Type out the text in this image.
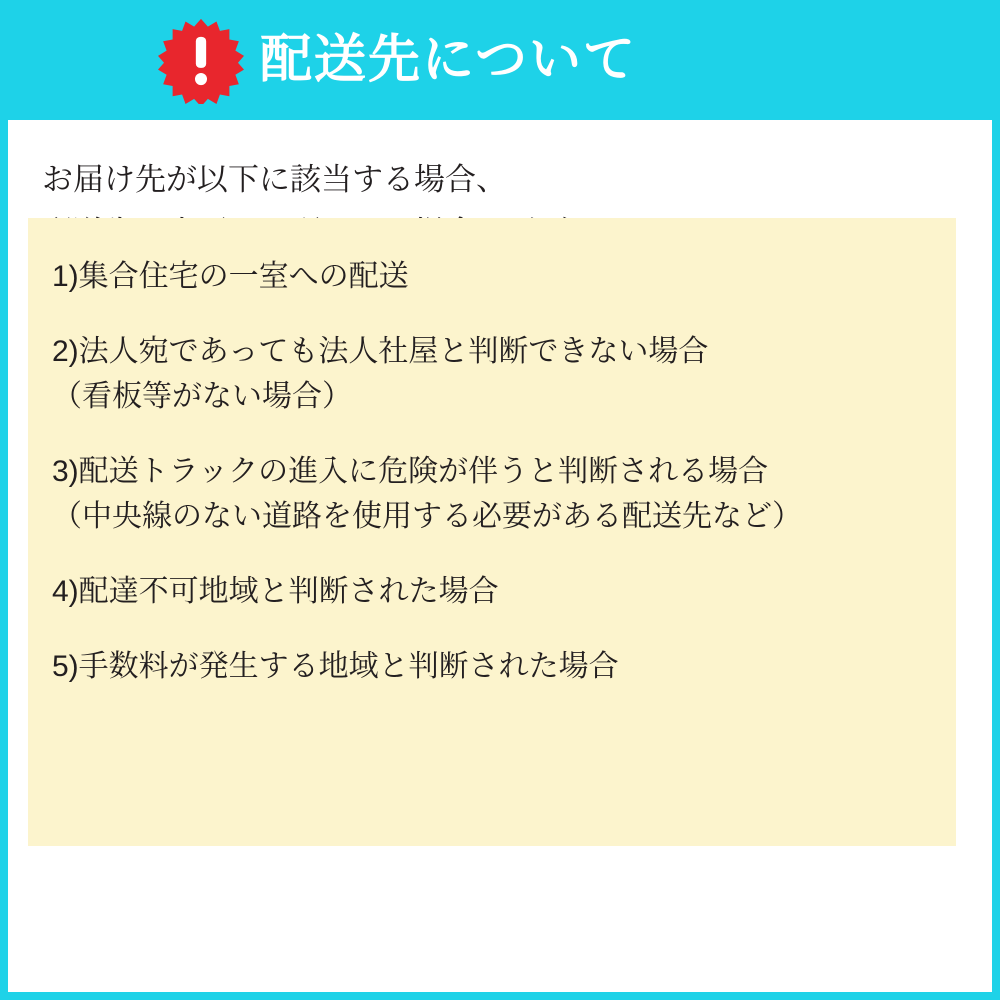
配送先について
お届け先が以下に該当する場合、
1)集合住宅の一室への配送
2)法人宛であっても法人社屋と判断できない場合
（看板等がない場合）
3)配送トラックの進入に危険が伴うと判断される場合
（中央線のない道路を使用する必要がある配送先など）
4)配達不可地域と判断された場合
5)手数料が発生する地域と判断された場合
